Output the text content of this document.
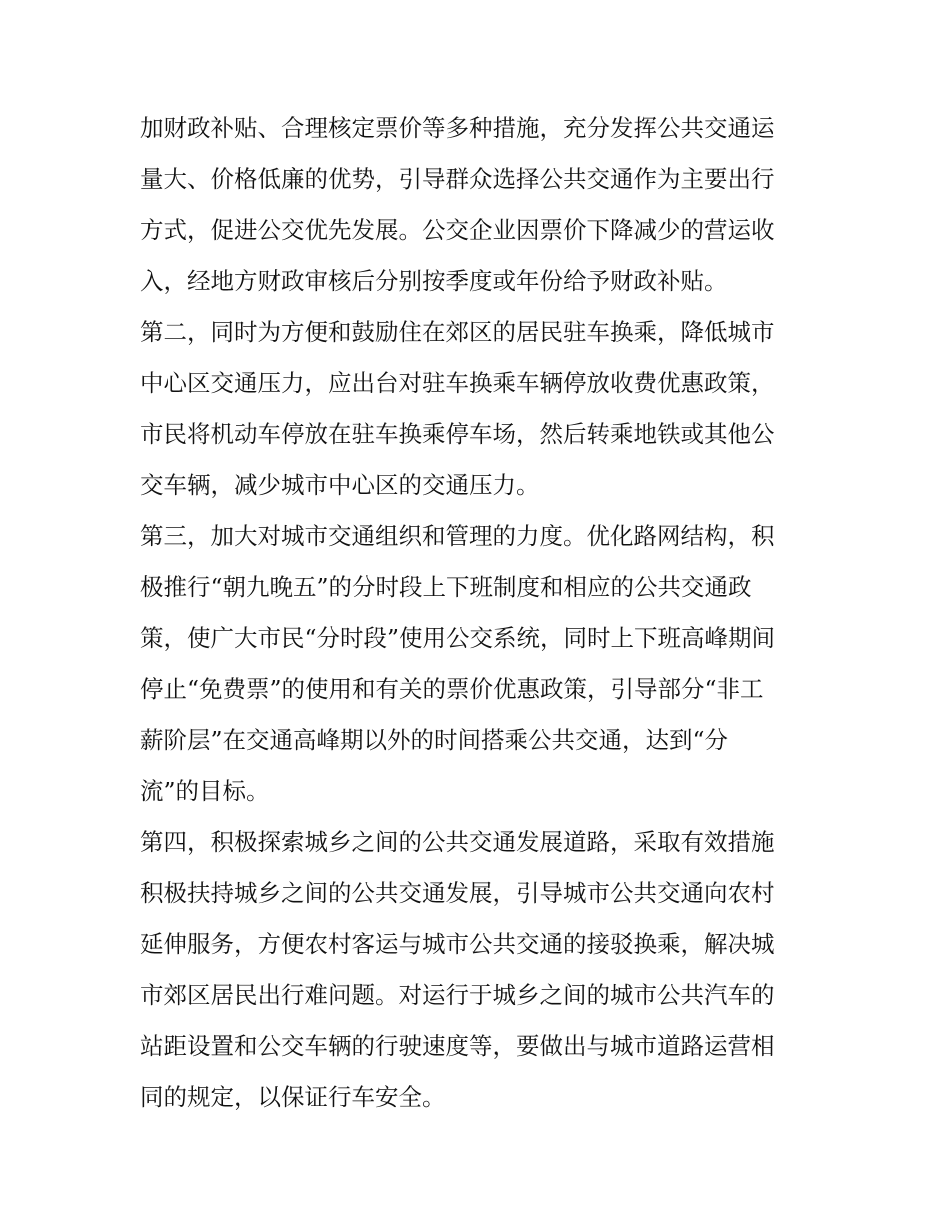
加财政补贴、合理核定票价等多种措施，充分发挥公共交通运
量大、价格低廉的优势，引导群众选择公共交通作为主要出行
方式，促进公交优先发展。公交企业因票价下降减少的营运收
入，经地方财政审核后分别按季度或年份给予财政补贴。
第二，同时为方便和鼓励住在郊区的居民驻车换乘，降低城市
中心区交通压力，应出台对驻车换乘车辆停放收费优惠政策，
市民将机动车停放在驻车换乘停车场，然后转乘地铁或其他公
交车辆，减少城市中心区的交通压力。
第三，加大对城市交通组织和管理的力度。优化路网结构，积
极推行“朝九晚五”的分时段上下班制度和相应的公共交通政
策，使广大市民“分时段”使用公交系统，同时上下班高峰期间
停止“免费票”的使用和有关的票价优惠政策，引导部分“非工
薪阶层”在交通高峰期以外的时间搭乘公共交通，达到“分
流”的目标。
第四，积极探索城乡之间的公共交通发展道路，采取有效措施
积极扶持城乡之间的公共交通发展，引导城市公共交通向农村
延伸服务，方便农村客运与城市公共交通的接驳换乘，解决城
市郊区居民出行难问题。对运行于城乡之间的城市公共汽车的
站距设置和公交车辆的行驶速度等，要做出与城市道路运营相
同的规定，以保证行车安全。
